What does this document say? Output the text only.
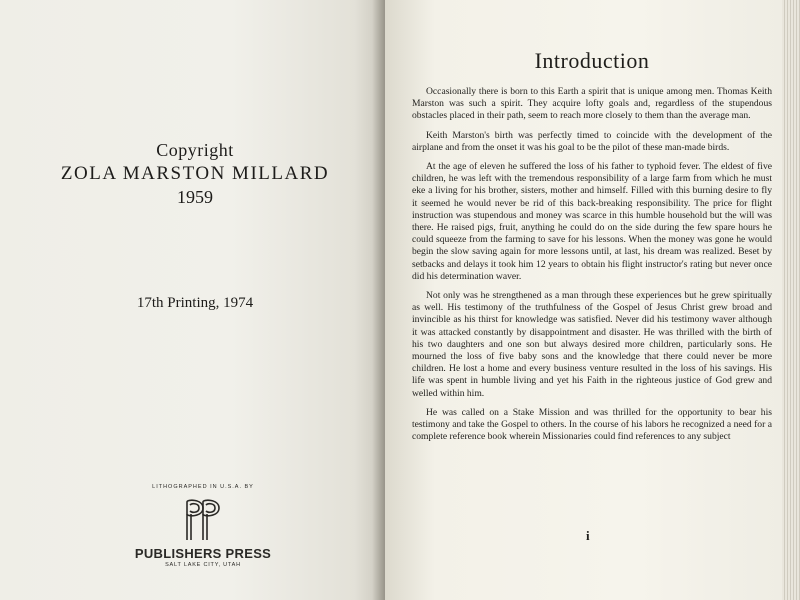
Copyright
ZOLA MARSTON MILLARD
1959
17th Printing, 1974
LITHOGRAPHED IN U.S.A. BY
PUBLISHERS PRESS
SALT LAKE CITY, UTAH
Introduction

Occasionally there is born to this Earth a spirit that is unique among men. Thomas Keith Marston was such a spirit. They acquire lofty goals and, regardless of the stupendous obstacles placed in their path, seem to reach more closely to them than the average man.

Keith Marston's birth was perfectly timed to coincide with the development of the airplane and from the onset it was his goal to be the pilot of these man-made birds.

At the age of eleven he suffered the loss of his father to typhoid fever. The eldest of five children, he was left with the tremendous responsibility of a large farm from which he must eke a living for his brother, sisters, mother and himself. Filled with this burning desire to fly it seemed he would never be rid of this back-breaking responsibility. The price for flight instruction was stupendous and money was scarce in this humble household but the will was there. He raised pigs, fruit, anything he could do on the side during the few spare hours he could squeeze from the farming to save for his lessons. When the money was gone he would begin the slow saving again for more lessons until, at last, his dream was realized. Beset by setbacks and delays it took him 12 years to obtain his flight instructor's rating but never once did his determination waver.

Not only was he strengthened as a man through these experiences but he grew spiritually as well. His testimony of the truthfulness of the Gospel of Jesus Christ grew broad and invincible as his thirst for knowledge was satisfied. Never did his testimony waver although it was attacked constantly by disappointment and disaster. He was thrilled with the birth of his two daughters and one son but always desired more children, particularly sons. He mourned the loss of five baby sons and the knowledge that there could never be more children. He lost a home and every business venture resulted in the loss of his savings. His life was spent in humble living and yet his Faith in the righteous justice of God grew and welled within him.

He was called on a Stake Mission and was thrilled for the opportunity to bear his testimony and take the Gospel to others. In the course of his labors he recognized a need for a complete reference book wherein Missionaries could find references to any subject

i
